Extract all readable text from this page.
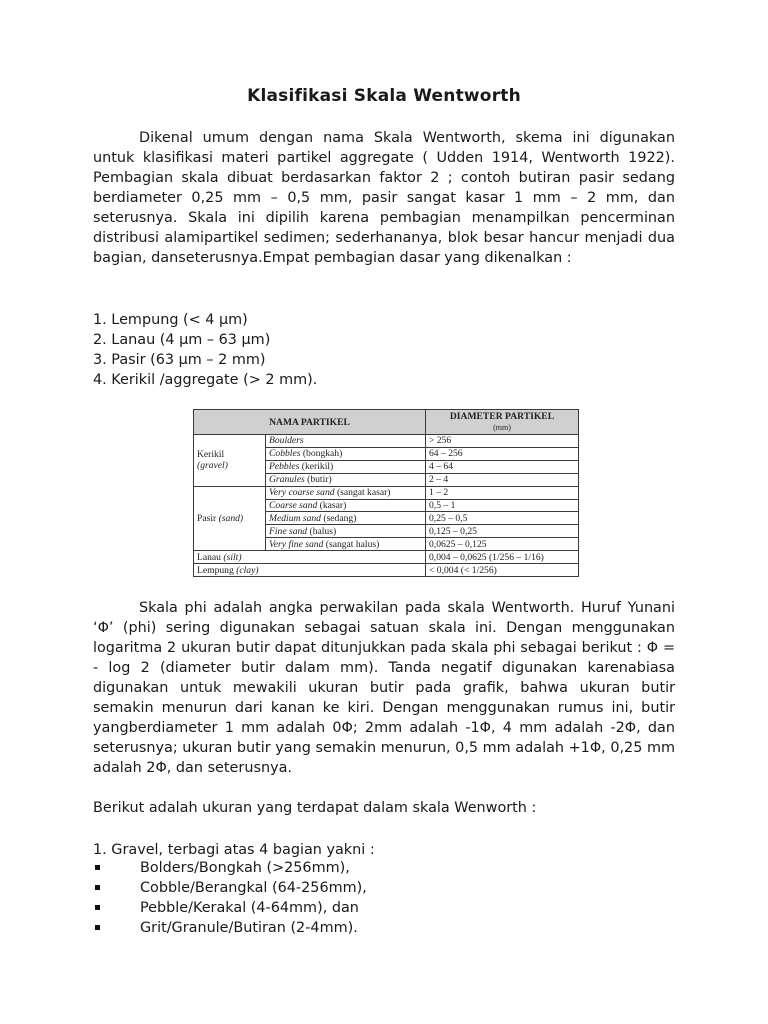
Klasifikasi Skala Wentworth

Dikenal umum dengan nama Skala Wentworth, skema ini digunakan untuk klasifikasi materi partikel aggregate ( Udden 1914, Wentworth 1922). Pembagian skala dibuat berdasarkan faktor 2 ; contoh butiran pasir sedang berdiameter 0,25 mm – 0,5 mm, pasir sangat kasar 1 mm – 2 mm, dan seterusnya. Skala ini dipilih karena pembagian menampilkan pencerminan distribusi alamipartikel sedimen; sederhananya, blok besar hancur menjadi dua bagian, danseterusnya.Empat pembagian dasar yang dikenalkan :

1. Lempung (< 4 µm)
2. Lanau (4 µm – 63 µm)
3. Pasir (63 µm – 2 mm)
4. Kerikil /aggregate (> 2 mm).
NAMA PARTIKEL		DIAMETER PARTIKEL
(mm)

Kerikil
(gravel)	Boulders	> 256
	Cobbles (bongkah)	64 – 256
	Pebbles (kerikil)	4 – 64
	Granules (butir)	2 – 4
Pasir (sand)	Very coarse sand (sangat kasar)	1 – 2
	Coarse sand (kasar)	0,5 – 1
	Medium sand (sedang)	0,25 – 0,5
	Fine sand (halus)	0,125 – 0,25
	Very fine sand (sangat halus)	0,0625 – 0,125
Lanau (silt)		0,004 – 0,0625 (1/256 – 1/16)
Lempung (clay)		< 0,004 (< 1/256)

Skala phi adalah angka perwakilan pada skala Wentworth. Huruf Yunani ‘Φ’ (phi) sering digunakan sebagai satuan skala ini. Dengan menggunakan logaritma 2 ukuran butir dapat ditunjukkan pada skala phi sebagai berikut : Φ = - log 2 (diameter butir dalam mm). Tanda negatif digunakan karenabiasa digunakan untuk mewakili ukuran butir pada grafik, bahwa ukuran butir semakin menurun dari kanan ke kiri. Dengan menggunakan rumus ini, butir yangberdiameter 1 mm adalah 0Φ; 2mm adalah -1Φ, 4 mm adalah -2Φ, dan seterusnya; ukuran butir yang semakin menurun, 0,5 mm adalah +1Φ, 0,25 mm adalah 2Φ, dan seterusnya.

Berikut adalah ukuran yang terdapat dalam skala Wenworth :

1. Gravel, terbagi atas 4 bagian yakni :

Bolders/Bongkah (>256mm),
Cobble/Berangkal (64-256mm),
Pebble/Kerakal (4-64mm), dan
Grit/Granule/Butiran (2-4mm).
